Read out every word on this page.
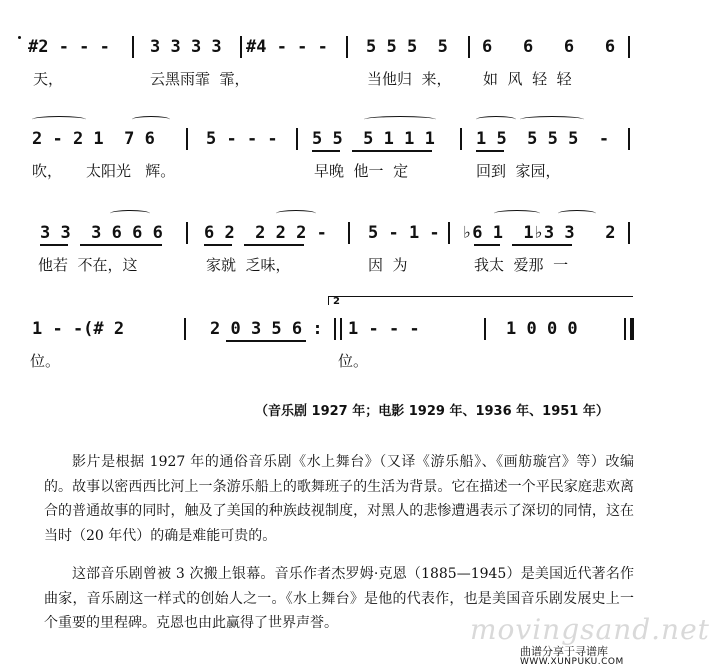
#2 - - - 3 3 3 3 #4 - - - 5 5 5  5 6   6   6   6
天，	云黑雨霏  霏，	当他归  来， 如  风  轻  轻
2 - 2 1  7 6	5 - - - 5 5  5 1 1 1 1 5  5 5 5  -
吹， 太阳光   辉。	早晚  他一  定	回到  家园，
3 3  3 6 6 6 6 2  2 2 2 - 5 - 1 - ♭6 1  1♭3 3   2
他若  不在，这	家就  乏味，	因  为	我太  爱那  一
2
1 - -(# 2	2 0 3 5 6 : 1 - - -	1 0 0 0
位。	位。
（音乐剧 1927 年；电影 1929 年、1936 年、1951 年）

影片是根据 1927 年的通俗音乐剧《水上舞台》（又译《游乐船》、《画舫璇宫》等）改编的。故事以密西西比河上一条游乐船上的歌舞班子的生活为背景。它在描述一个平民家庭悲欢离合的普通故事的同时，触及了美国的种族歧视制度，对黑人的悲惨遭遇表示了深切的同情，这在当时（20 年代）的确是难能可贵的。

这部音乐剧曾被 3 次搬上银幕。音乐作者杰罗姆·克恩（1885—1945）是美国近代著名作曲家，音乐剧这一样式的创始人之一。《水上舞台》是他的代表作，也是美国音乐剧发展史上一个重要的里程碑。克恩也由此赢得了世界声誉。	movingsand.net
曲谱分享于寻谱库
WWW.XUNPUKU.COM
